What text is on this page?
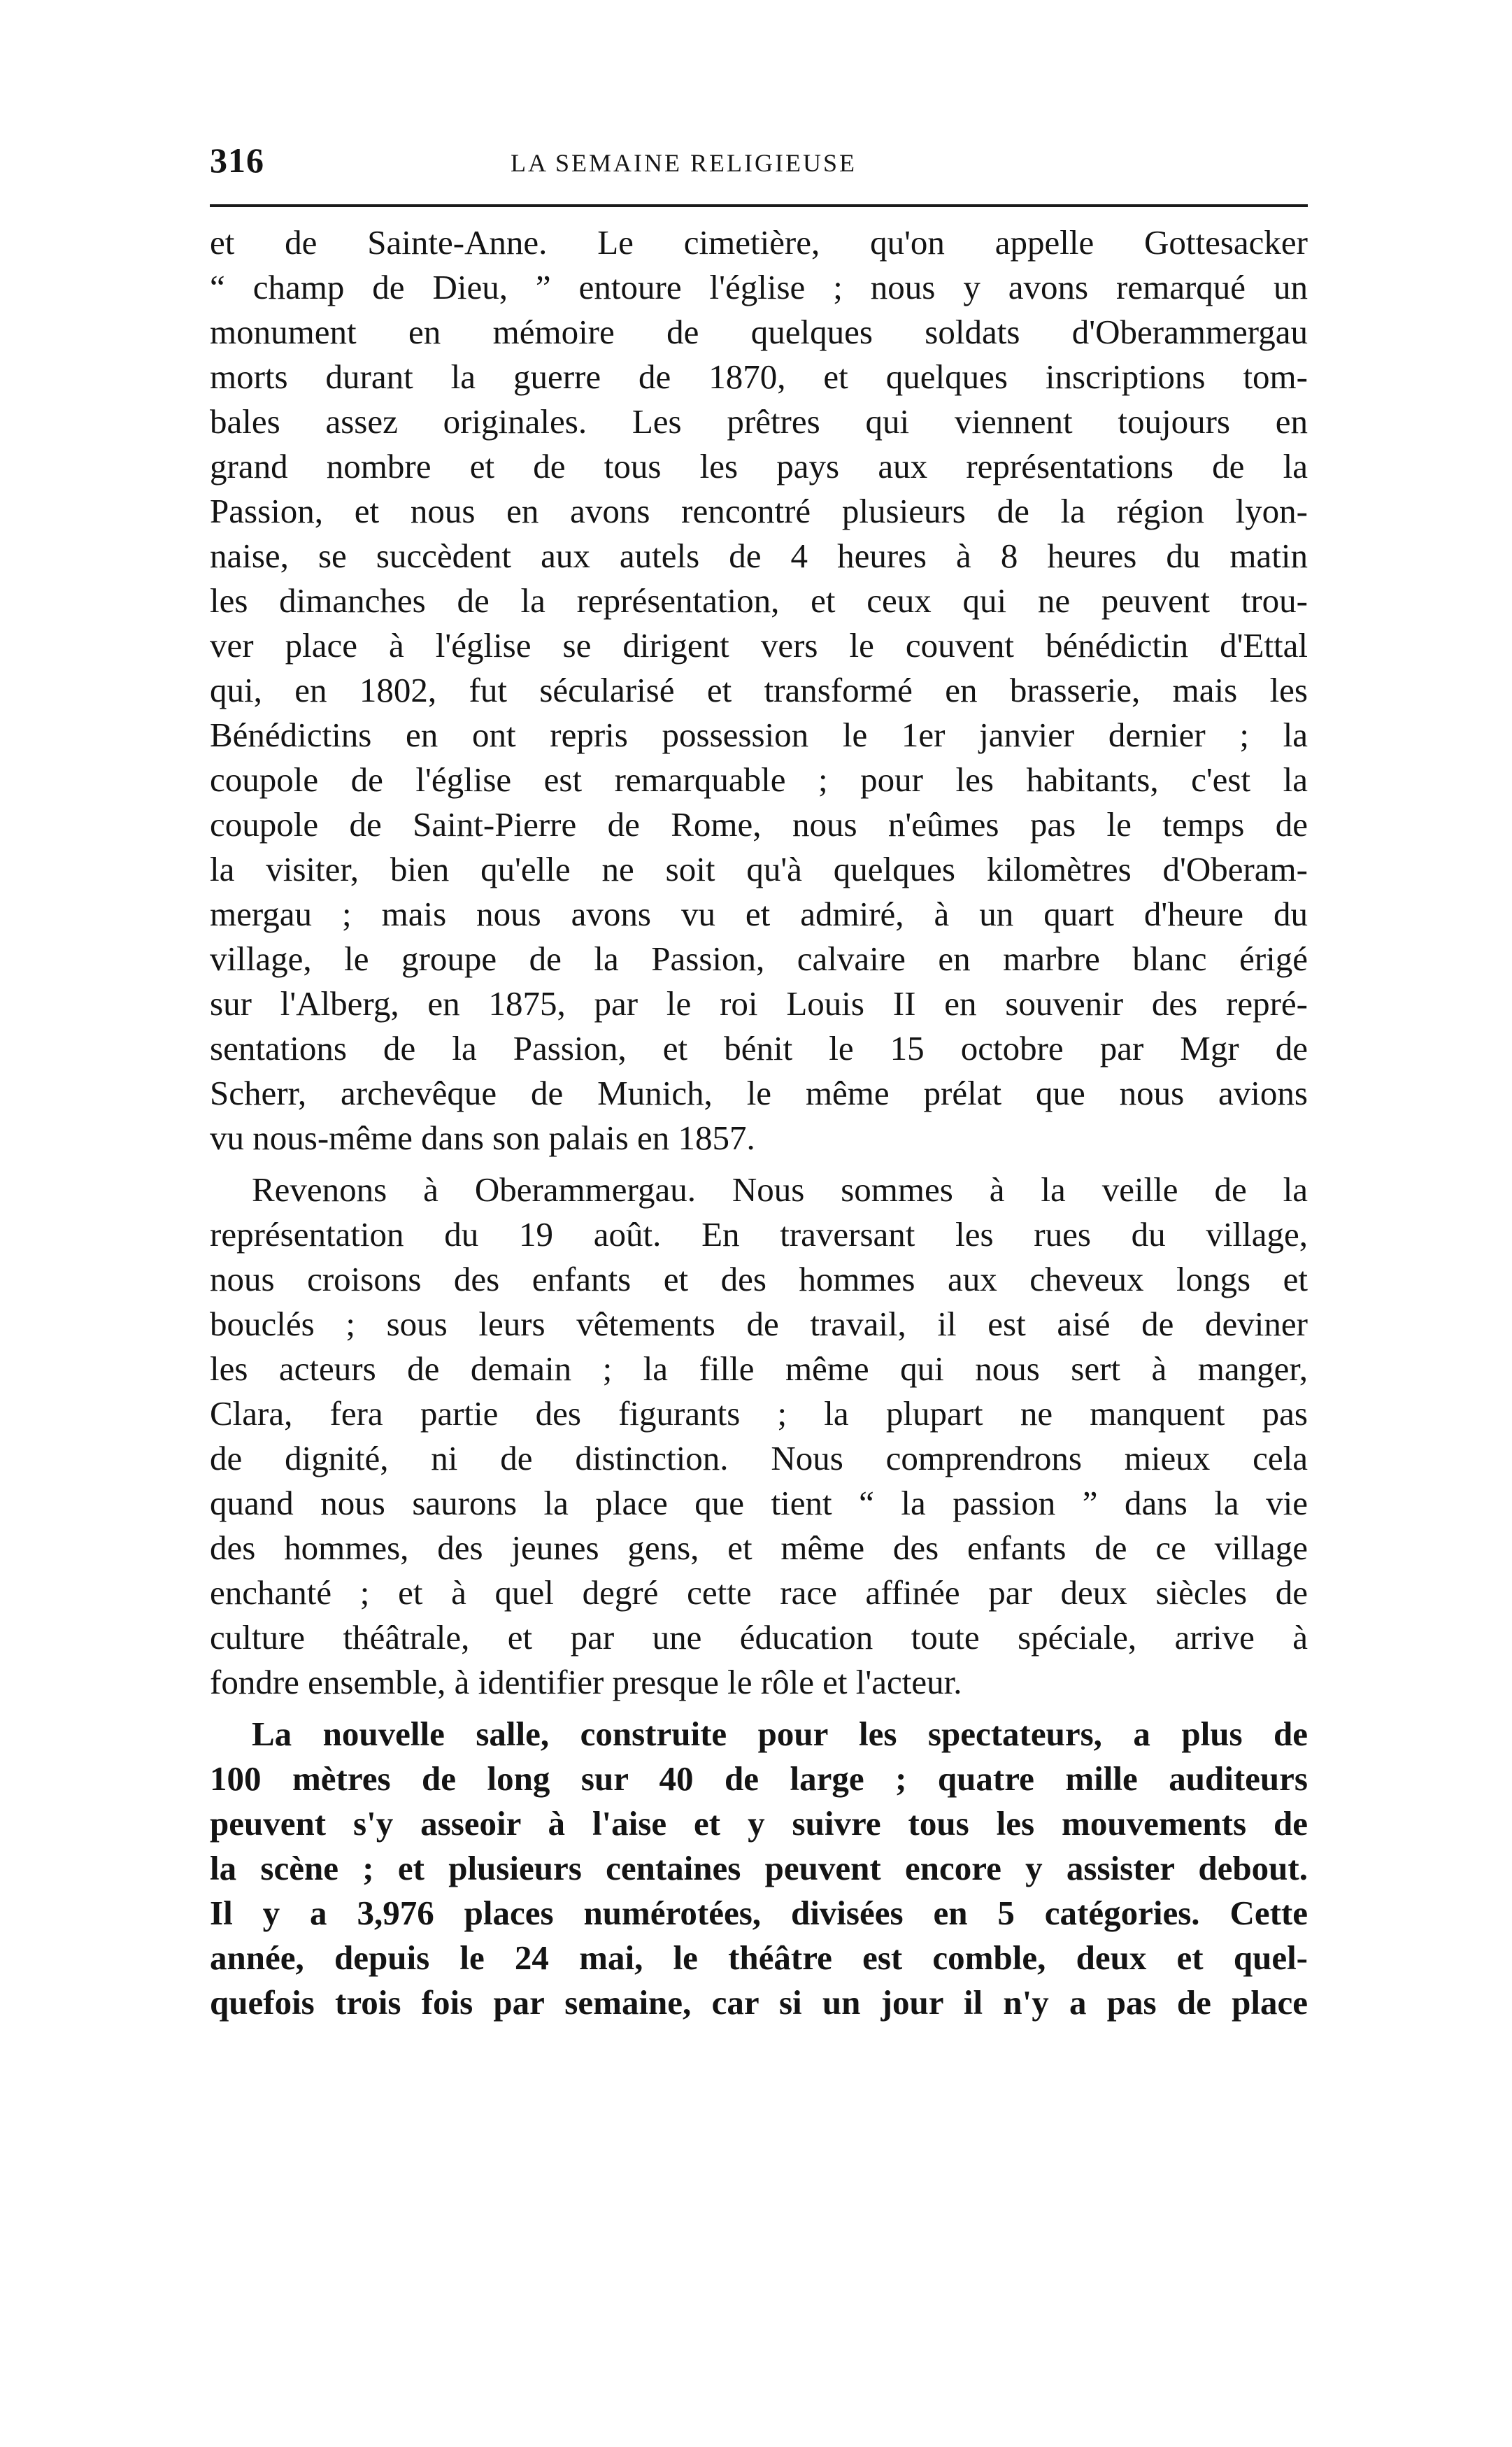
316	LA SEMAINE RELIGIEUSE
et de Sainte-Anne. Le cimetière, qu'on appelle Gottesacker
“ champ de Dieu, ” entoure l'église ; nous y avons remarqué un
monument en mémoire de quelques soldats d'Oberammergau
morts durant la guerre de 1870, et quelques inscriptions tom-
bales assez originales. Les prêtres qui viennent toujours en
grand nombre et de tous les pays aux représentations de la
Passion, et nous en avons rencontré plusieurs de la région lyon-
naise, se succèdent aux autels de 4 heures à 8 heures du matin
les dimanches de la représentation, et ceux qui ne peuvent trou-
ver place à l'église se dirigent vers le couvent bénédictin d'Ettal
qui, en 1802, fut sécularisé et transformé en brasserie, mais les
Bénédictins en ont repris possession le 1er janvier dernier ; la
coupole de l'église est remarquable ; pour les habitants, c'est la
coupole de Saint-Pierre de Rome, nous n'eûmes pas le temps de
la visiter, bien qu'elle ne soit qu'à quelques kilomètres d'Oberam-
mergau ; mais nous avons vu et admiré, à un quart d'heure du
village, le groupe de la Passion, calvaire en marbre blanc érigé
sur l'Alberg, en 1875, par le roi Louis II en souvenir des repré-
sentations de la Passion, et bénit le 15 octobre par Mgr de
Scherr, archevêque de Munich, le même prélat que nous avions
vu nous-même dans son palais en 1857.
Revenons à Oberammergau. Nous sommes à la veille de la
représentation du 19 août. En traversant les rues du village,
nous croisons des enfants et des hommes aux cheveux longs et
bouclés ; sous leurs vêtements de travail, il est aisé de deviner
les acteurs de demain ; la fille même qui nous sert à manger,
Clara, fera partie des figurants ; la plupart ne manquent pas
de dignité, ni de distinction. Nous comprendrons mieux cela
quand nous saurons la place que tient “ la passion ” dans la vie
des hommes, des jeunes gens, et même des enfants de ce village
enchanté ; et à quel degré cette race affinée par deux siècles de
culture théâtrale, et par une éducation toute spéciale, arrive à
fondre ensemble, à identifier presque le rôle et l'acteur.
La nouvelle salle, construite pour les spectateurs, a plus de
100 mètres de long sur 40 de large ; quatre mille auditeurs
peuvent s'y asseoir à l'aise et y suivre tous les mouvements de
la scène ; et plusieurs centaines peuvent encore y assister debout.
Il y a 3,976 places numérotées, divisées en 5 catégories. Cette
année, depuis le 24 mai, le théâtre est comble, deux et quel-
quefois trois fois par semaine, car si un jour il n'y a pas de place
